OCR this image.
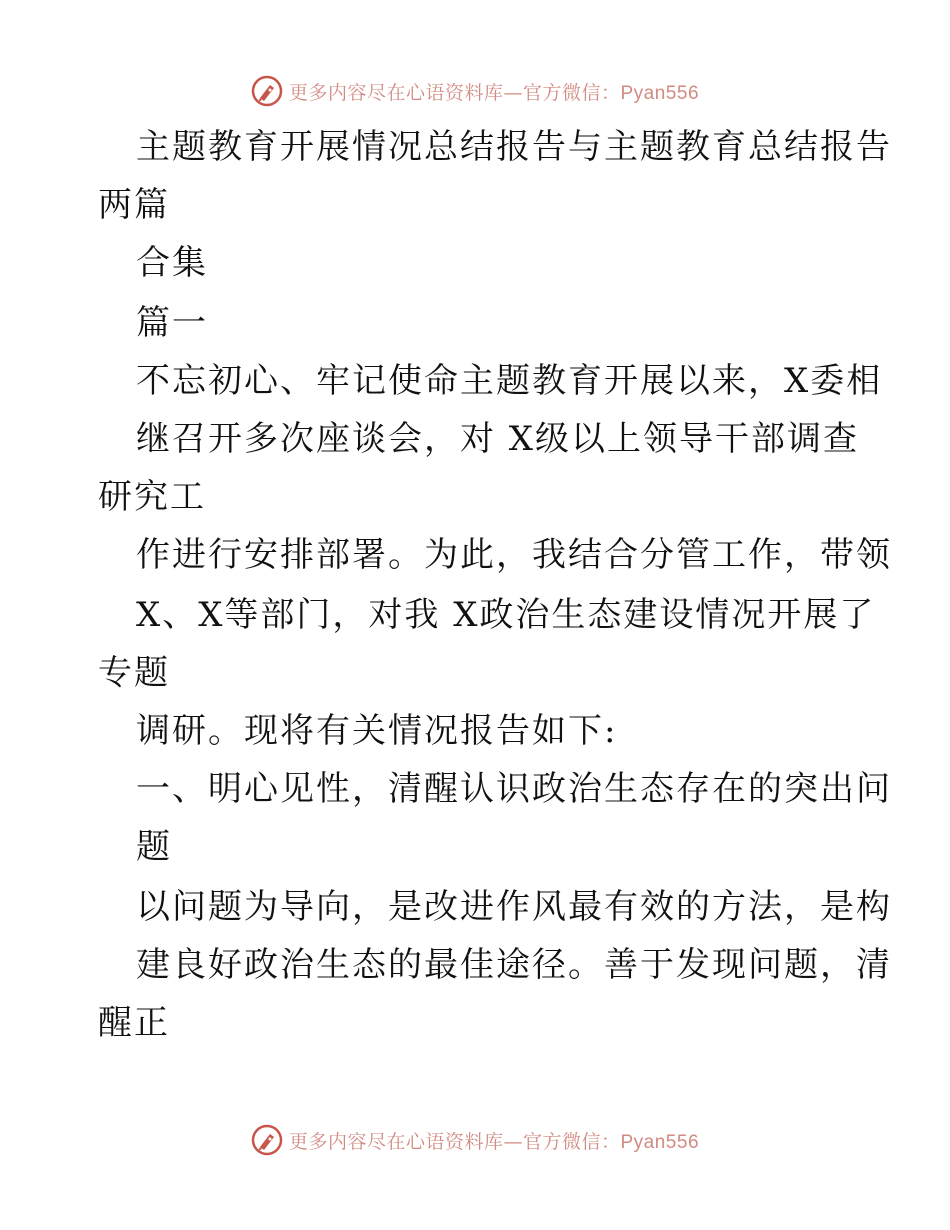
更多内容尽在心语资料库—官方微信：Pyan556
主题教育开展情况总结报告与主题教育总结报告
两篇
合集
篇一
不忘初心、牢记使命主题教育开展以来，X委相
继召开多次座谈会，对 X级以上领导干部调查
研究工
作进行安排部署。为此，我结合分管工作，带领
X、X等部门，对我 X政治生态建设情况开展了
专题
调研。现将有关情况报告如下:
一、明心见性，清醒认识政治生态存在的突出问
题
以问题为导向，是改进作风最有效的方法，是构
建良好政治生态的最佳途径。善于发现问题，清
醒正
更多内容尽在心语资料库—官方微信：Pyan556
